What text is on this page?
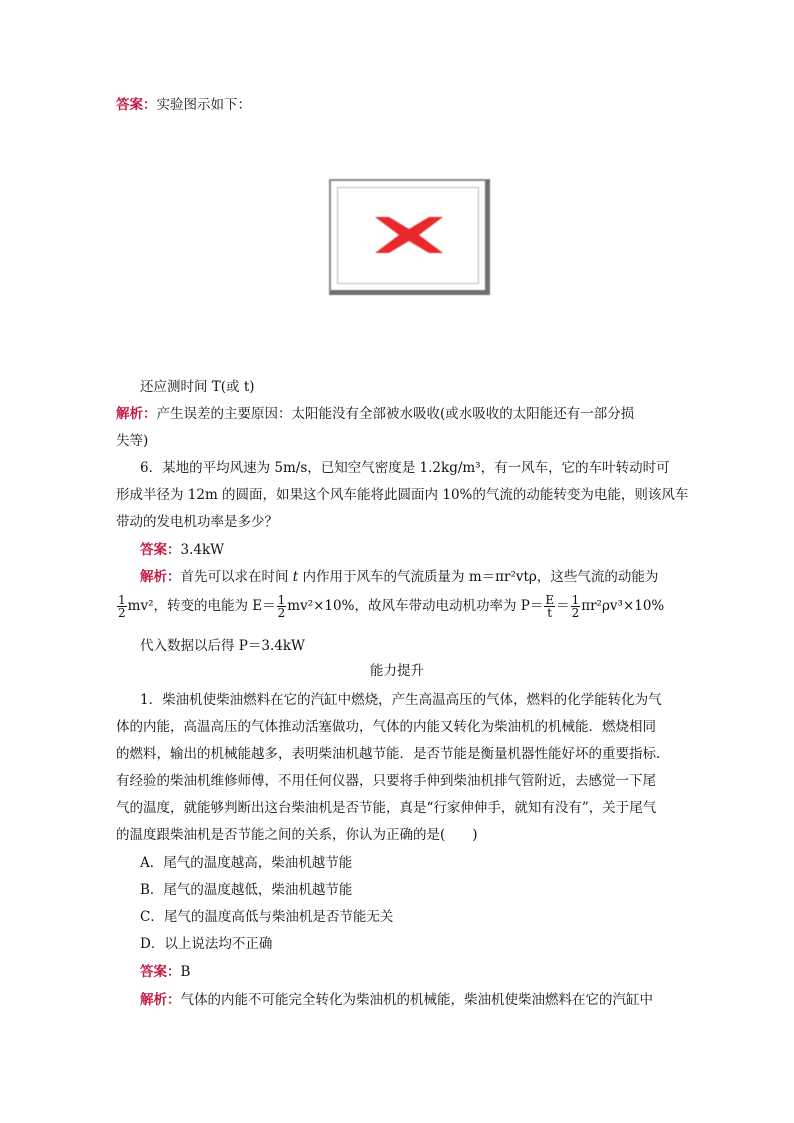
答案：实验图示如下：
还应测时间 T(或 t)
解析：产生误差的主要原因：太阳能没有全部被水吸收(或水吸收的太阳能还有一部分损
失等)
6．某地的平均风速为 5m/s，已知空气密度是 1.2kg/m³，有一风车，它的车叶转动时可
形成半径为 12m 的圆面，如果这个风车能将此圆面内 10%的气流的动能转变为电能，则该风车
带动的发电机功率是多少？
答案：3.4kW
解析：首先可以求在时间 t 内作用于风车的气流质量为 m＝πr²vtρ，这些气流的动能为
$\frac{1}{2} mv^2$，转变的电能为 $E= \frac{1}{2} mv^2\times 10\%$，故风车带动电动机功率为 $P= \frac{E}{t} = \frac{1}{2} \pi r^2\rho v^3\times 10\%$
代入数据以后得 P＝3.4kW
能力提升
1．柴油机使柴油燃料在它的汽缸中燃烧，产生高温高压的气体，燃料的化学能转化为气
体的内能，高温高压的气体推动活塞做功，气体的内能又转化为柴油机的机械能．燃烧相同
的燃料，输出的机械能越多，表明柴油机越节能．是否节能是衡量机器性能好坏的重要指标．
有经验的柴油机维修师傅，不用任何仪器，只要将手伸到柴油机排气管附近，去感觉一下尾
气的温度，就能够判断出这台柴油机是否节能，真是“行家伸伸手，就知有没有”，关于尾气
的温度跟柴油机是否节能之间的关系，你认为正确的是(　　)
A．尾气的温度越高，柴油机越节能
B．尾气的温度越低，柴油机越节能
C．尾气的温度高低与柴油机是否节能无关
D．以上说法均不正确
答案：B
解析：气体的内能不可能完全转化为柴油机的机械能，柴油机使柴油燃料在它的汽缸中
